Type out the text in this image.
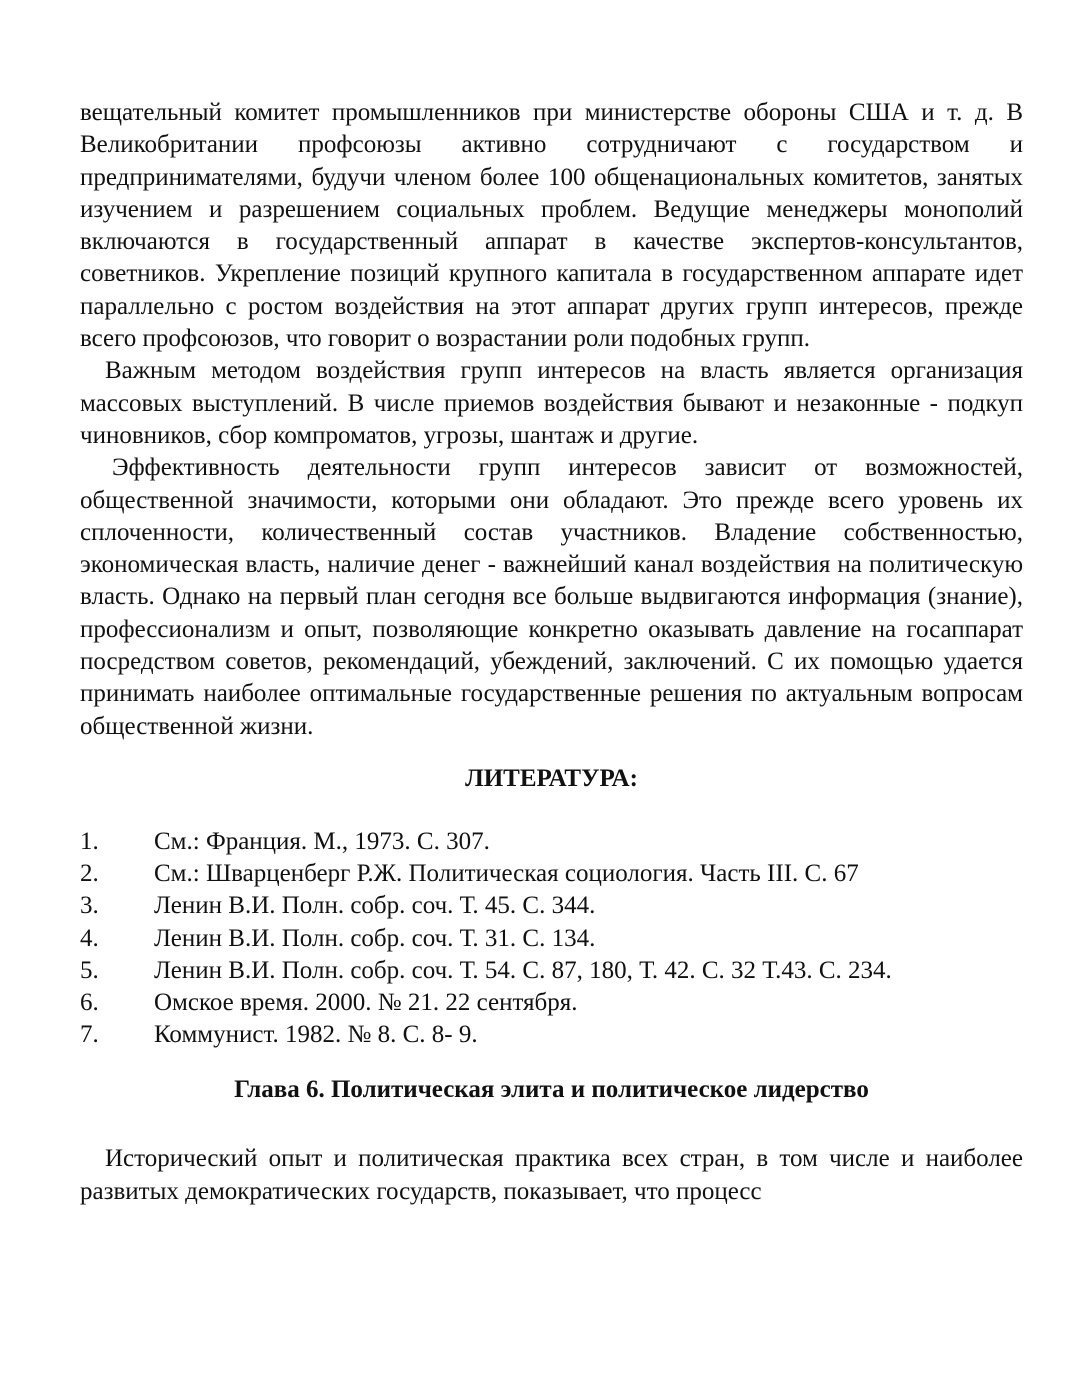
вещательный комитет промышленников при министерстве обороны США и т. д. В Великобритании профсоюзы активно сотрудничают с государством и предпринимателями, будучи членом более 100 общенациональных комитетов, занятых изучением и разрешением социальных проблем. Ведущие менеджеры монополий включаются в государственный аппарат в качестве экспертов-консультантов, советников. Укрепление позиций крупного капитала в государственном аппарате идет параллельно с ростом воздействия на этот аппарат других групп интересов, прежде всего профсоюзов, что говорит о возрастании роли подобных групп.

Важным методом воздействия групп интересов на власть является организация массовых выступлений. В числе приемов воздействия бывают и незаконные - подкуп чиновников, сбор компроматов, угрозы, шантаж и другие.

Эффективность деятельности групп интересов зависит от возможностей, общественной значимости, которыми они обладают. Это прежде всего уровень их сплоченности, количественный состав участников. Владение собственностью, экономическая власть, наличие денег - важнейший канал воздействия на политическую власть. Однако на первый план сегодня все больше выдвигаются информация (знание), профессионализм и опыт, позволяющие конкретно оказывать давление на госаппарат посредством советов, рекомендаций, убеждений, заключений. С их помощью удается принимать наиболее оптимальные государственные решения по актуальным вопросам общественной жизни.

ЛИТЕРАТУРА:
1.	См.: Франция. М., 1973. С. 307.
2.	См.: Шварценберг Р.Ж. Политическая социология. Часть III. С. 67
3.	Ленин В.И. Полн. собр. соч. Т. 45. С. 344.
4.	Ленин В.И. Полн. собр. соч. Т. 31. С. 134.
5.	Ленин В.И. Полн. собр. соч. Т. 54. С. 87, 180, Т. 42. С. 32 Т.43. С. 234.
6.	Омское время. 2000. № 21. 22 сентября.
7.	Коммунист. 1982. № 8. С. 8- 9.
Глава 6. Политическая элита и политическое лидерство

Исторический опыт и политическая практика всех стран, в том числе и наиболее развитых демократических государств, показывает, что процесс
